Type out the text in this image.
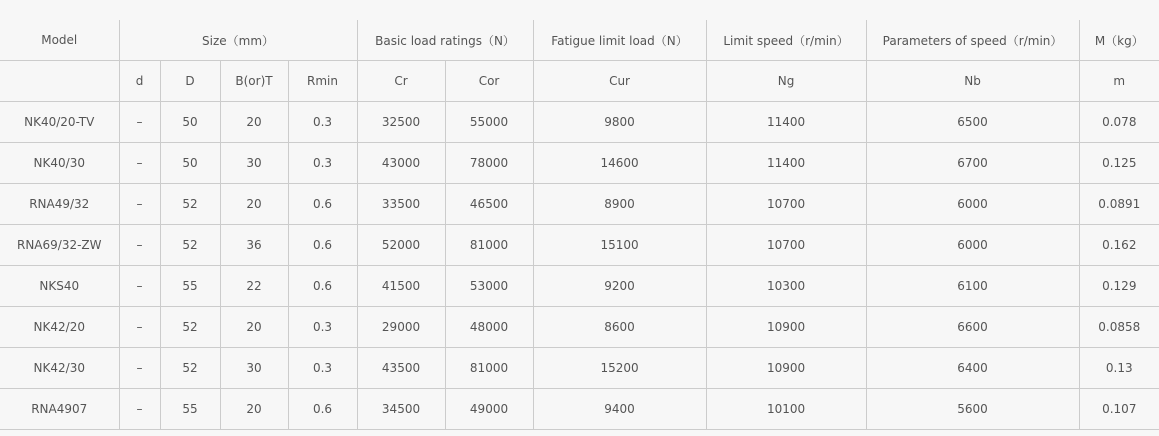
Model	Size（mm）				Basic load ratings（N）		Fatigue limit load（N）	Limit speed（r/min）	Parameters of speed（r/min）	M（kg）
	d	D	B(or)T	Rmin	Cr	Cor	Cur	Ng	Nb	m
NK40/20-TV	–	50	20	0.3	32500	55000	9800	11400	6500	0.078
NK40/30	–	50	30	0.3	43000	78000	14600	11400	6700	0.125
RNA49/32	–	52	20	0.6	33500	46500	8900	10700	6000	0.0891
RNA69/32-ZW	–	52	36	0.6	52000	81000	15100	10700	6000	0.162
NKS40	–	55	22	0.6	41500	53000	9200	10300	6100	0.129
NK42/20	–	52	20	0.3	29000	48000	8600	10900	6600	0.0858
NK42/30	–	52	30	0.3	43500	81000	15200	10900	6400	0.13
RNA4907	–	55	20	0.6	34500	49000	9400	10100	5600	0.107
